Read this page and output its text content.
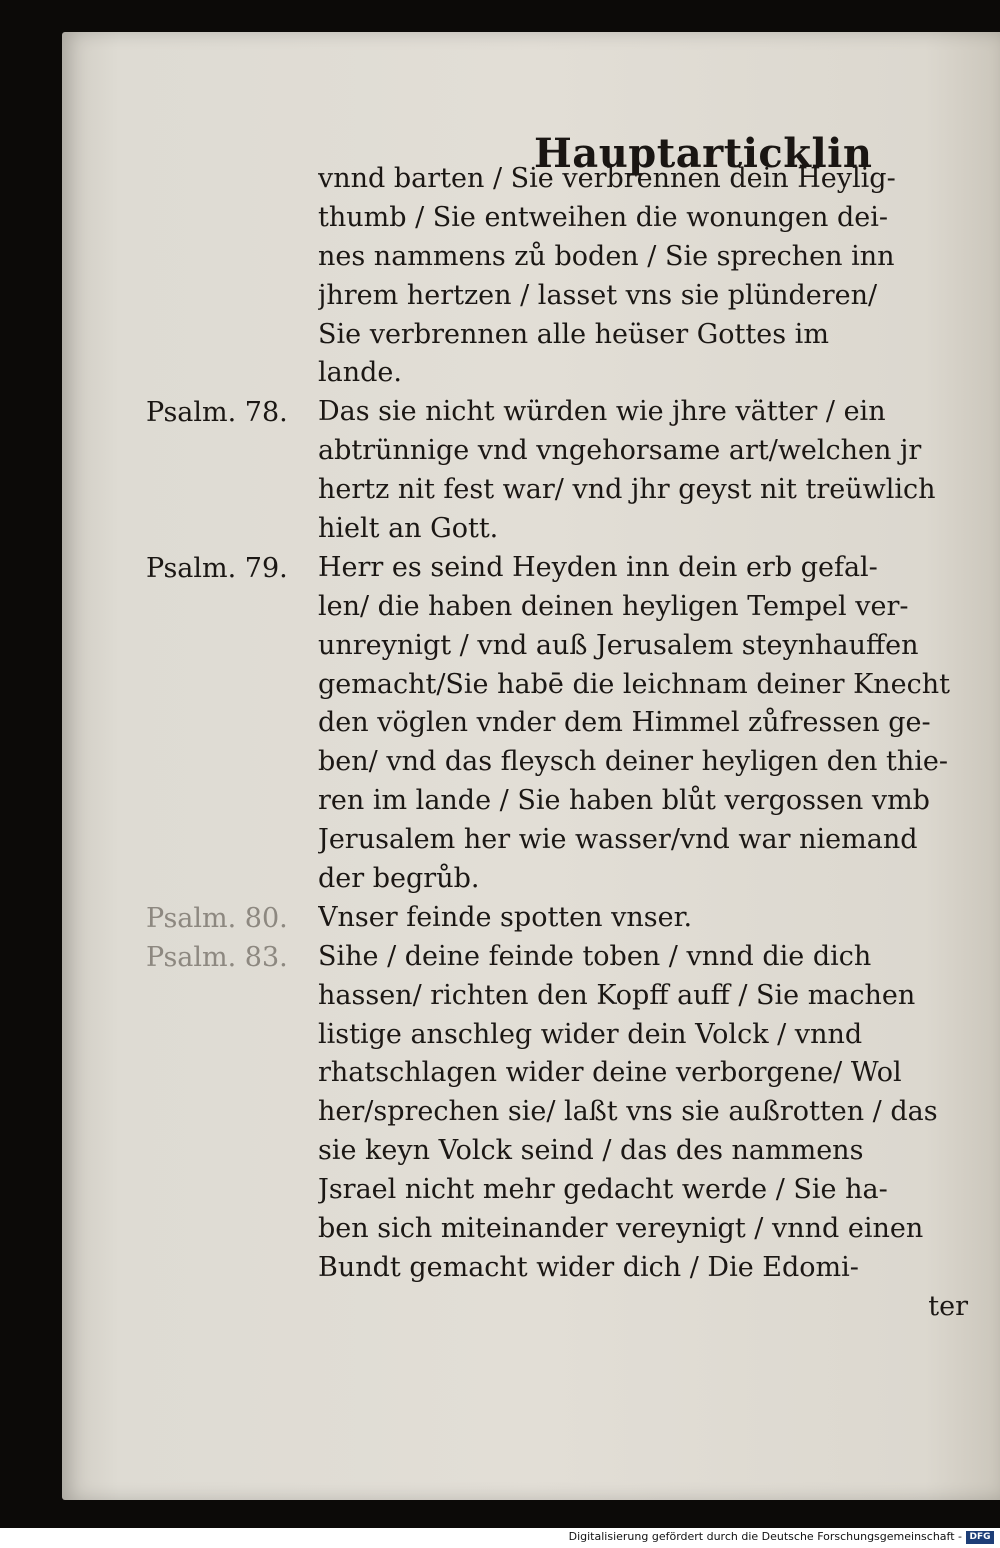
Hauptarticklin
vnnd barten / Sie verbrennen dein Heylig-
thumb / Sie entweihen die wonungen dei-
nes nammens zů boden / Sie sprechen inn
jhrem hertzen / lasset vns sie plünderen/
Sie verbrennen alle heüser Gottes im
lande.
Das sie nicht würden wie jhre vätter / ein
abtrünnige vnd vngehorsame art/welchen jr
hertz nit fest war/ vnd jhr geyst nit treüwlich
hielt an Gott.
Herr es seind Heyden inn dein erb gefal-
len/ die haben deinen heyligen Tempel ver-
unreynigt / vnd auß Jerusalem steynhauffen
gemacht/Sie habē die leichnam deiner Knecht
den vöglen vnder dem Himmel zůfressen ge-
ben/ vnd das fleysch deiner heyligen den thie-
ren im lande / Sie haben blůt vergossen vmb
Jerusalem her wie wasser/vnd war niemand
der begrůb.
Vnser feinde spotten vnser.
Sihe / deine feinde toben / vnnd die dich
hassen/ richten den Kopff auff / Sie machen
listige anschleg wider dein Volck / vnnd
rhatschlagen wider deine verborgene/ Wol
her/sprechen sie/ laßt vns sie außrotten / das
sie keyn Volck seind / das des nammens
Jsrael nicht mehr gedacht werde / Sie ha-
ben sich miteinander vereynigt / vnnd einen
Bundt gemacht wider dich / Die Edomi-
ter
Psalm. 78.
Psalm. 79.
Psalm. 80.
Psalm. 83.
Digitalisierung gefördert durch die Deutsche Forschungsgemeinschaft - DFG
